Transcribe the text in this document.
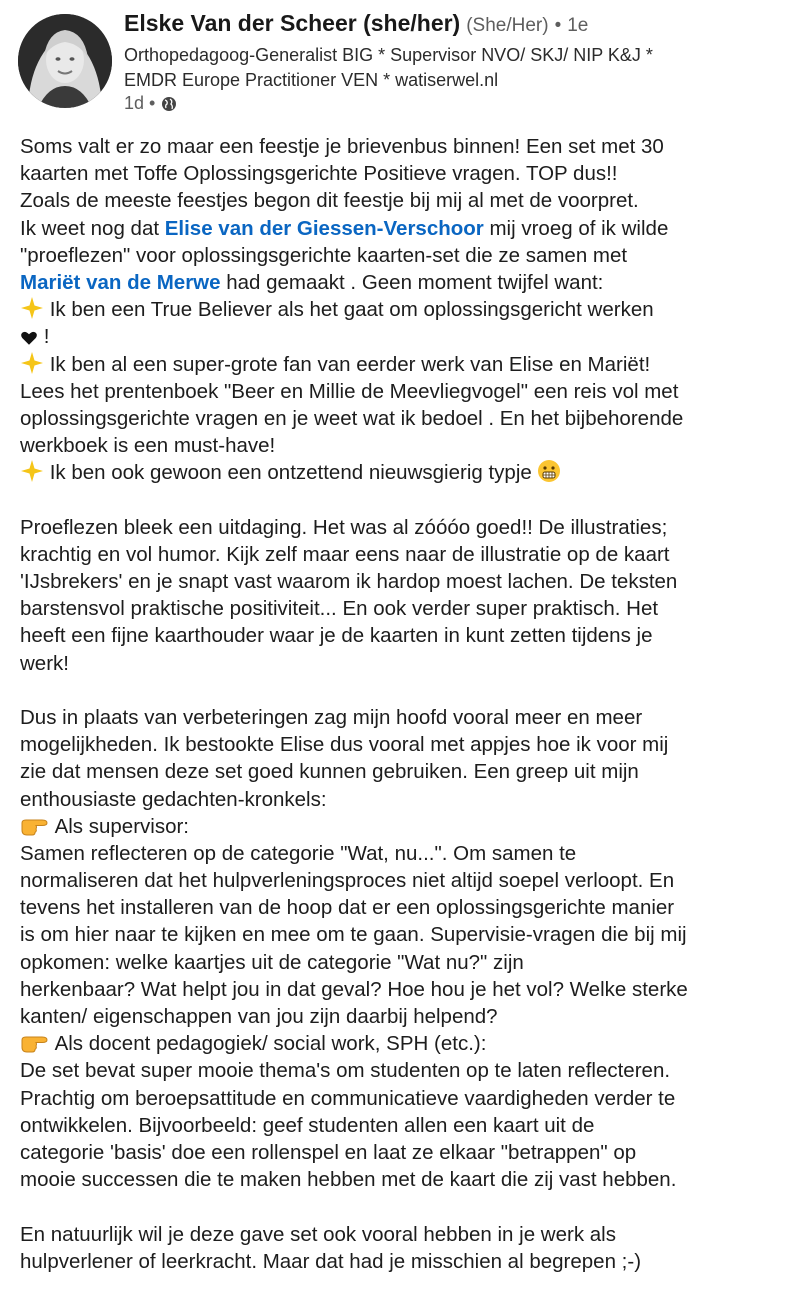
Elske Van der Scheer (she/her) (She/Her) • 1e
Orthopedagoog-Generalist BIG * Supervisor NVO/ SKJ/ NIP K&J *
EMDR Europe Practitioner VEN * watiserwel.nl
1d •
Soms valt er zo maar een feestje je brievenbus binnen! Een set met 30
kaarten met Toffe Oplossingsgerichte Positieve vragen. TOP dus!!
Zoals de meeste feestjes begon dit feestje bij mij al met de voorpret.
Ik weet nog dat Elise van der Giessen-Verschoor mij vroeg of ik wilde
"proeflezen" voor oplossingsgerichte kaarten-set die ze samen met
Mariët van de Merwe had gemaakt . Geen moment twijfel want:
Ik ben een True Believer als het gaat om oplossingsgericht werken
!
Ik ben al een super-grote fan van eerder werk van Elise en Mariët!
Lees het prentenboek "Beer en Millie de Meevliegvogel" een reis vol met
oplossingsgerichte vragen en je weet wat ik bedoel . En het bijbehorende
werkboek is een must-have!
Ik ben ook gewoon een ontzettend nieuwsgierig typje
Proeflezen bleek een uitdaging. Het was al zóóóo goed!! De illustraties;
krachtig en vol humor. Kijk zelf maar eens naar de illustratie op de kaart
'IJsbrekers' en je snapt vast waarom ik hardop moest lachen. De teksten
barstensvol praktische positiviteit... En ook verder super praktisch. Het
heeft een fijne kaarthouder waar je de kaarten in kunt zetten tijdens je
werk!
Dus in plaats van verbeteringen zag mijn hoofd vooral meer en meer
mogelijkheden. Ik bestookte Elise dus vooral met appjes hoe ik voor mij
zie dat mensen deze set goed kunnen gebruiken. Een greep uit mijn
enthousiaste gedachten-kronkels:
Als supervisor:
Samen reflecteren op de categorie "Wat, nu...". Om samen te
normaliseren dat het hulpverleningsproces niet altijd soepel verloopt. En
tevens het installeren van de hoop dat er een oplossingsgerichte manier
is om hier naar te kijken en mee om te gaan. Supervisie-vragen die bij mij
opkomen: welke kaartjes uit de categorie "Wat nu?" zijn
herkenbaar? Wat helpt jou in dat geval? Hoe hou je het vol? Welke sterke
kanten/ eigenschappen van jou zijn daarbij helpend?
Als docent pedagogiek/ social work, SPH (etc.):
De set bevat super mooie thema's om studenten op te laten reflecteren.
Prachtig om beroepsattitude en communicatieve vaardigheden verder te
ontwikkelen. Bijvoorbeeld: geef studenten allen een kaart uit de
categorie 'basis' doe een rollenspel en laat ze elkaar "betrappen" op
mooie successen die te maken hebben met de kaart die zij vast hebben.
En natuurlijk wil je deze gave set ook vooral hebben in je werk als
hulpverlener of leerkracht. Maar dat had je misschien al begrepen ;-)
